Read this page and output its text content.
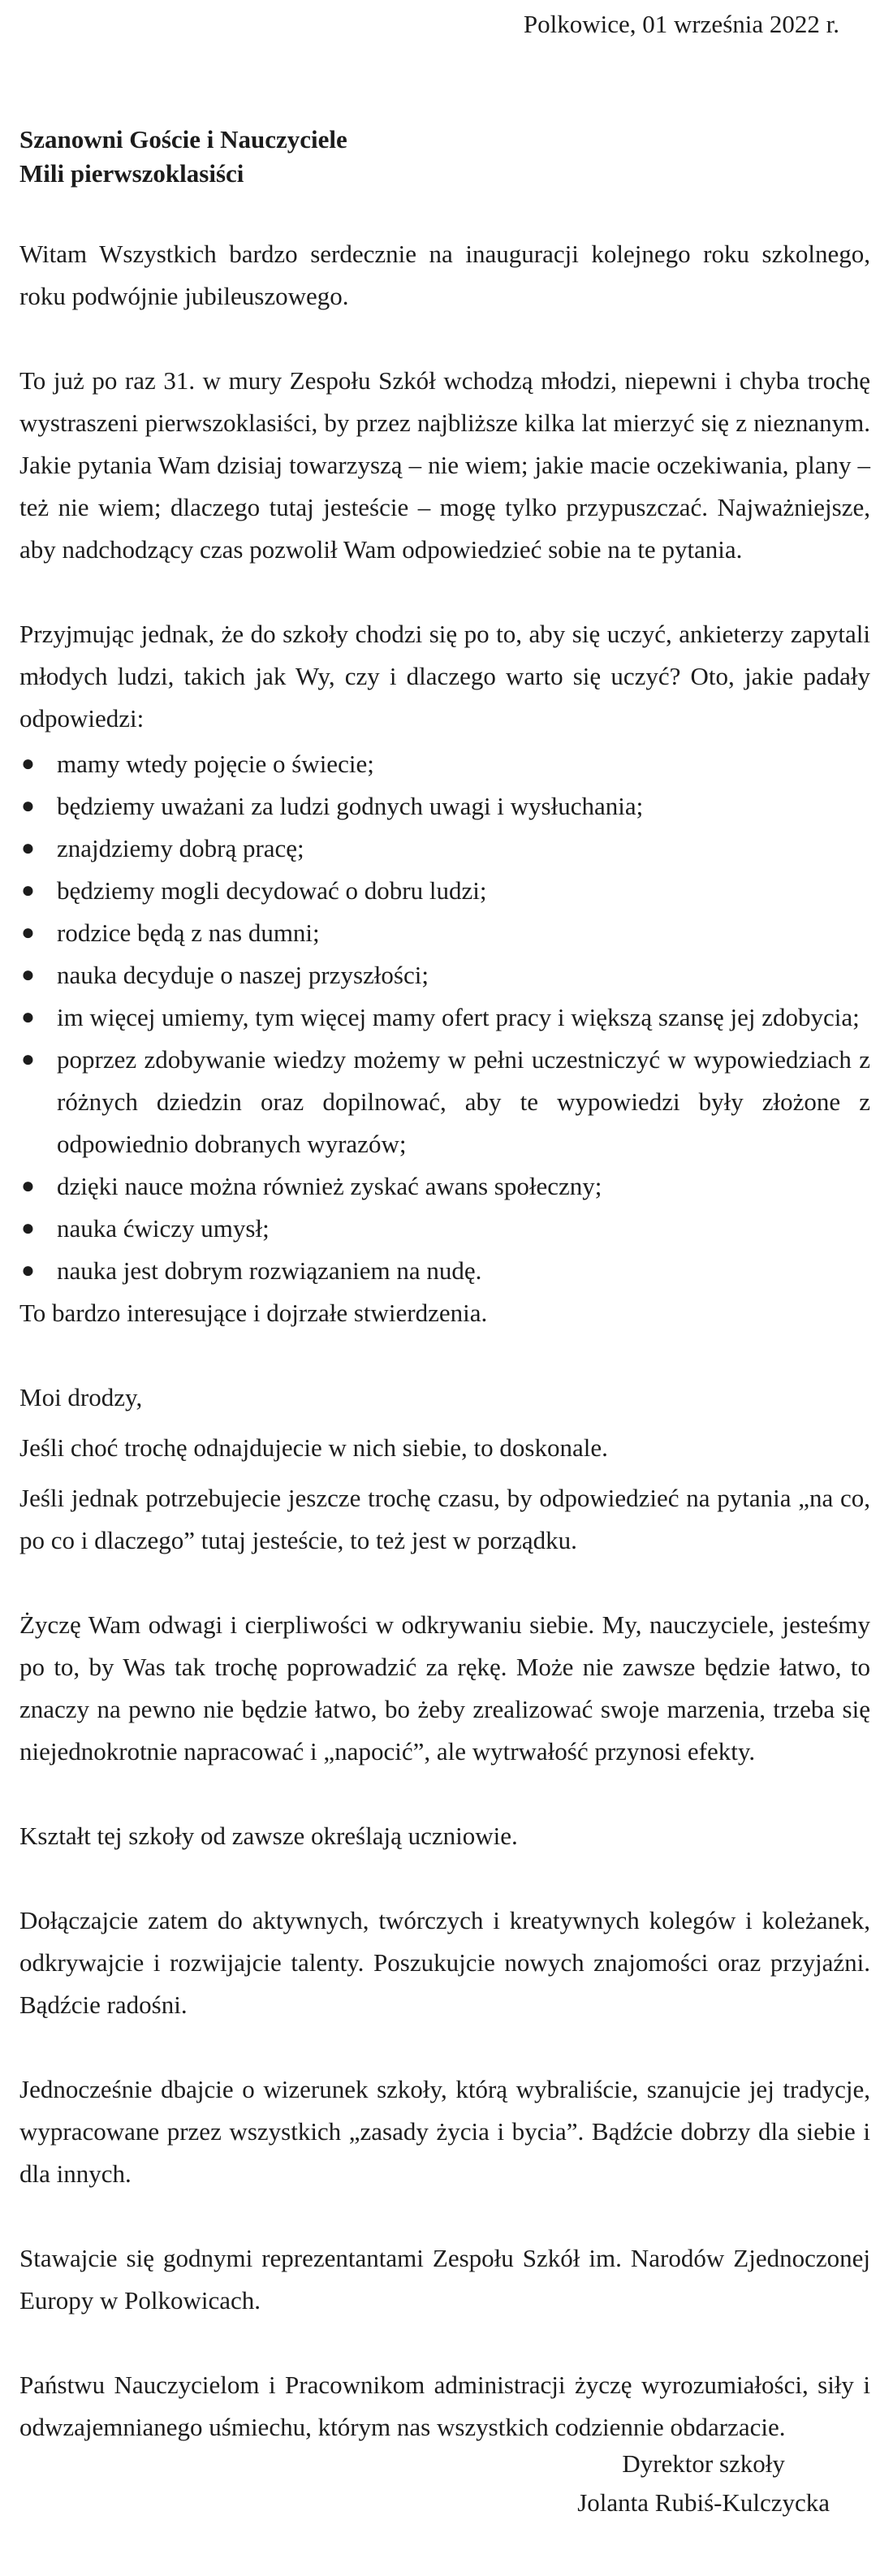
Polkowice, 01 września 2022 r.
Szanowni Goście i Nauczyciele
Mili pierwszoklasiści

Witam Wszystkich bardzo serdecznie na inauguracji kolejnego roku szkolnego, roku podwójnie jubileuszowego.

To już po raz 31. w mury Zespołu Szkół wchodzą młodzi, niepewni i chyba trochę wystraszeni pierwszoklasiści, by przez najbliższe kilka lat mierzyć się z nieznanym. Jakie pytania Wam dzisiaj towarzyszą – nie wiem; jakie macie oczekiwania, plany – też nie wiem; dlaczego tutaj jesteście – mogę tylko przypuszczać. Najważniejsze, aby nadchodzący czas pozwolił Wam odpowiedzieć sobie na te pytania.

Przyjmując jednak, że do szkoły chodzi się po to, aby się uczyć, ankieterzy zapytali młodych ludzi, takich jak Wy, czy i dlaczego warto się uczyć? Oto, jakie padały odpowiedzi:

● mamy wtedy pojęcie o świecie;
● będziemy uważani za ludzi godnych uwagi i wysłuchania;
● znajdziemy dobrą pracę;
● będziemy mogli decydować o dobru ludzi;
● rodzice będą z nas dumni;
● nauka decyduje o naszej przyszłości;
● im więcej umiemy, tym więcej mamy ofert pracy i większą szansę jej zdobycia;
● poprzez zdobywanie wiedzy możemy w pełni uczestniczyć w wypowiedziach z różnych dziedzin oraz dopilnować, aby te wypowiedzi były złożone z odpowiednio dobranych wyrazów;
● dzięki nauce można również zyskać awans społeczny;
● nauka ćwiczy umysł;
● nauka jest dobrym rozwiązaniem na nudę.

To bardzo interesujące i dojrzałe stwierdzenia.

Moi drodzy,

Jeśli choć trochę odnajdujecie w nich siebie, to doskonale.

Jeśli jednak potrzebujecie jeszcze trochę czasu, by odpowiedzieć na pytania „na co, po co i dlaczego” tutaj jesteście, to też jest w porządku.

Życzę Wam odwagi i cierpliwości w odkrywaniu siebie. My, nauczyciele, jesteśmy po to, by Was tak trochę poprowadzić za rękę. Może nie zawsze będzie łatwo, to znaczy na pewno nie będzie łatwo, bo żeby zrealizować swoje marzenia, trzeba się niejednokrotnie napracować i „napocić”, ale wytrwałość przynosi efekty.

Kształt tej szkoły od zawsze określają uczniowie.

Dołączajcie zatem do aktywnych, twórczych i kreatywnych kolegów i koleżanek, odkrywajcie i rozwijajcie talenty. Poszukujcie nowych znajomości oraz przyjaźni. Bądźcie radośni.

Jednocześnie dbajcie o wizerunek szkoły, którą wybraliście, szanujcie jej tradycje, wypracowane przez wszystkich „zasady życia i bycia”. Bądźcie dobrzy dla siebie i dla innych.

Stawajcie się godnymi reprezentantami Zespołu Szkół im. Narodów Zjednoczonej Europy w Polkowicach.

Państwu Nauczycielom i Pracownikom administracji życzę wyrozumiałości, siły i odwzajemnianego uśmiechu, którym nas wszystkich codziennie obdarzacie.

Dyrektor szkoły
Jolanta Rubiś-Kulczycka
